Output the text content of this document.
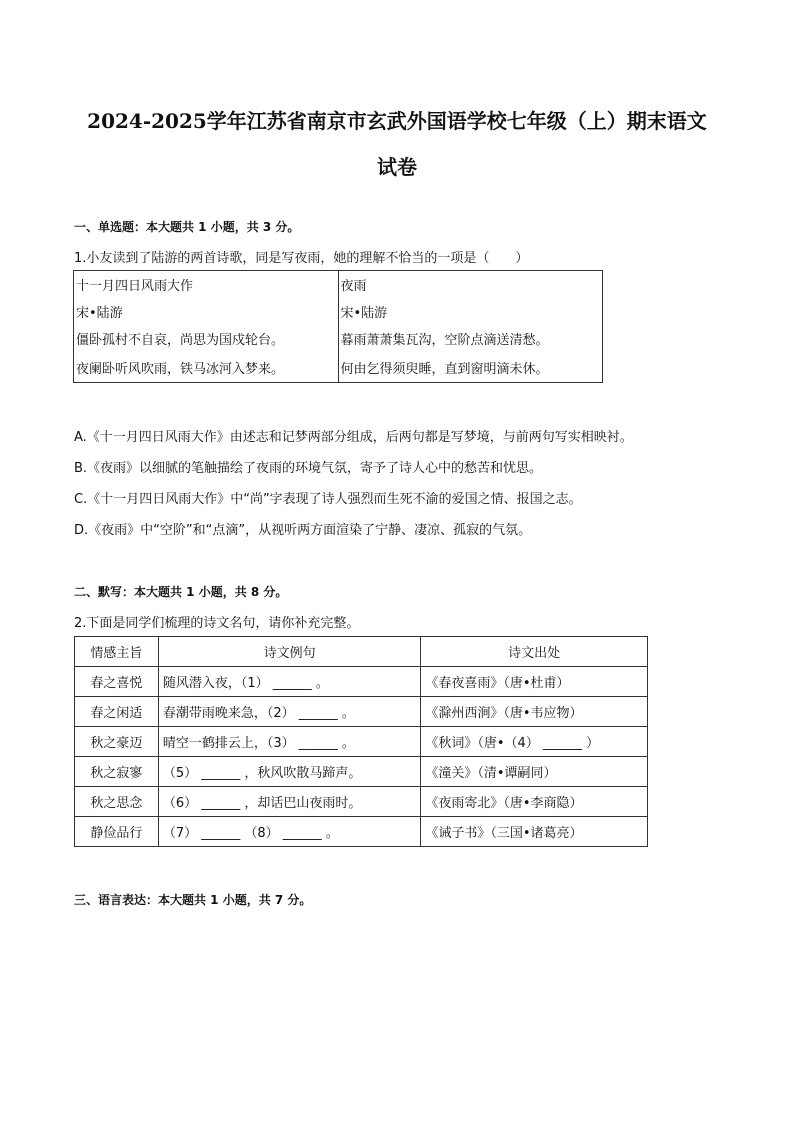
2024-2025学年江苏省南京市玄武外国语学校七年级（上）期末语文
试卷
一、单选题：本大题共 1 小题，共 3 分。
1.小友读到了陆游的两首诗歌，同是写夜雨，她的理解不恰当的一项是（　　）
十一月四日风雨大作	夜雨
宋•陆游	宋•陆游
僵卧孤村不自哀，尚思为国戍轮台。	暮雨萧萧集瓦沟，空阶点滴送清愁。
夜阑卧听风吹雨，铁马冰河入梦来。	何由乞得须臾睡，直到窗明滴未休。
A.《十一月四日风雨大作》由述志和记梦两部分组成，后两句都是写梦境，与前两句写实相映衬。
B.《夜雨》以细腻的笔触描绘了夜雨的环境气氛，寄予了诗人心中的愁苦和忧思。
C.《十一月四日风雨大作》中“尚”字表现了诗人强烈而生死不渝的爱国之情、报国之志。
D.《夜雨》中“空阶”和“点滴”，从视听两方面渲染了宁静、凄凉、孤寂的气氛。
二、默写：本大题共 1 小题，共 8 分。
2.下面是同学们梳理的诗文名句，请你补充完整。
情感主旨	诗文例句	诗文出处
春之喜悦	随风潜入夜，（1） ______ 。	《春夜喜雨》（唐•杜甫）
春之闲适	春潮带雨晚来急，（2） ______ 。	《滁州西涧》（唐•韦应物）
秋之豪迈	晴空一鹤排云上，（3） ______ 。	《秋词》（唐•（4） ______ ）
秋之寂寥	（5） ______ ，秋风吹散马蹄声。	《潼关》（清•谭嗣同）
秋之思念	（6） ______ ，却话巴山夜雨时。	《夜雨寄北》（唐•李商隐）
静俭品行	（7） ______ （8） ______ 。	《诫子书》（三国•诸葛亮）
三、语言表达：本大题共 1 小题，共 7 分。
